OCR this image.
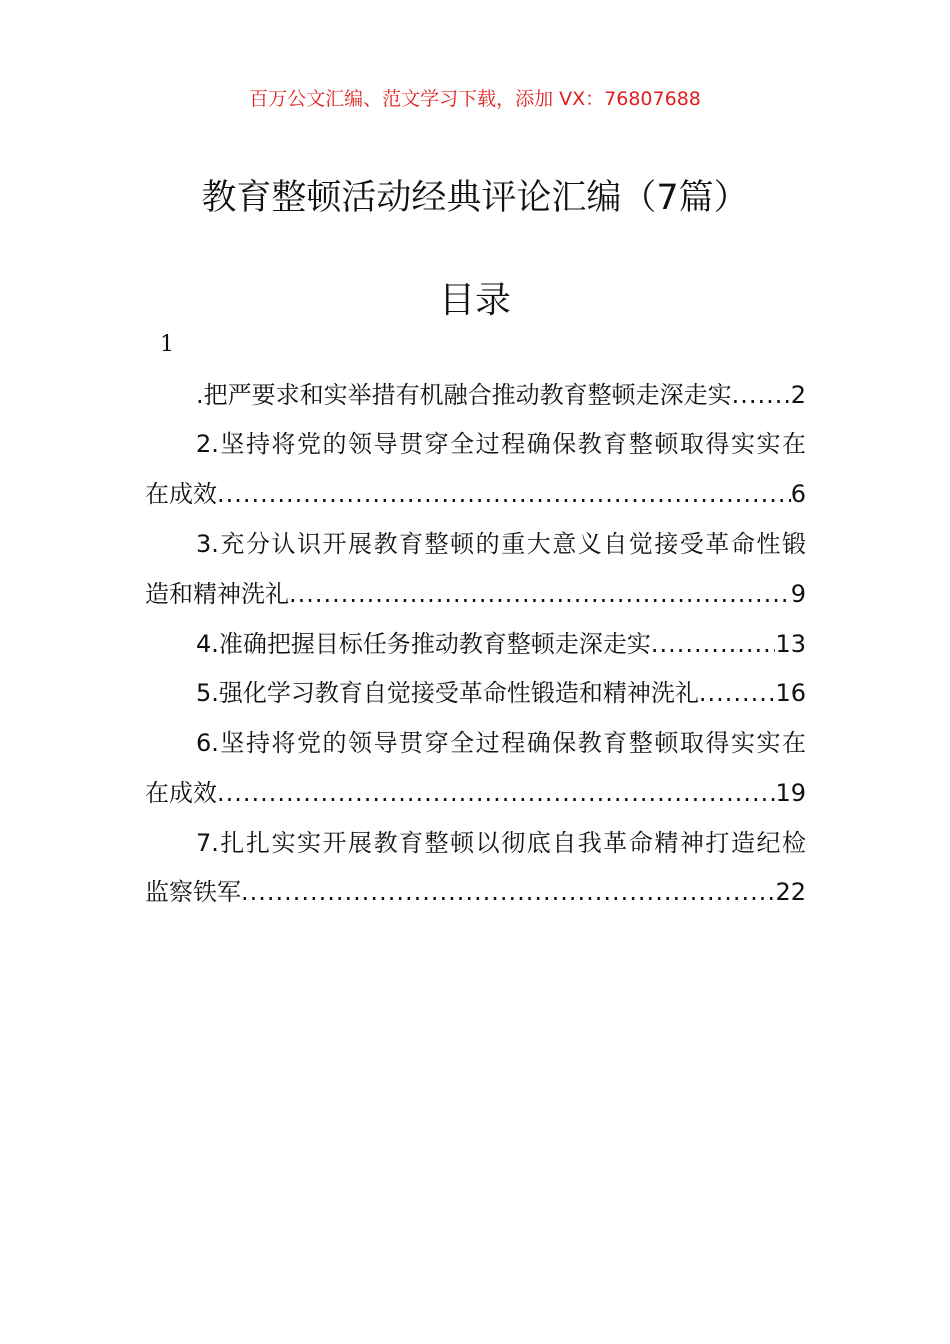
百万公文汇编、范文学习下载，添加 VX：76807688
教育整顿活动经典评论汇编（7篇）
目录
1
.把严要求和实举措有机融合推动教育整顿走深走实 ..... 2
2.坚持将党的领导贯穿全过程确保教育整顿取得实实在
在成效 .....	6
3.充分认识开展教育整顿的重大意义自觉接受革命性锻
造和精神洗礼 .....	9
4.准确把握目标任务推动教育整顿走深走实 .....	13
5.强化学习教育自觉接受革命性锻造和精神洗礼 .....	16
6.坚持将党的领导贯穿全过程确保教育整顿取得实实在
在成效 .....	19
7.扎扎实实开展教育整顿以彻底自我革命精神打造纪检
监察铁军 .....	22
